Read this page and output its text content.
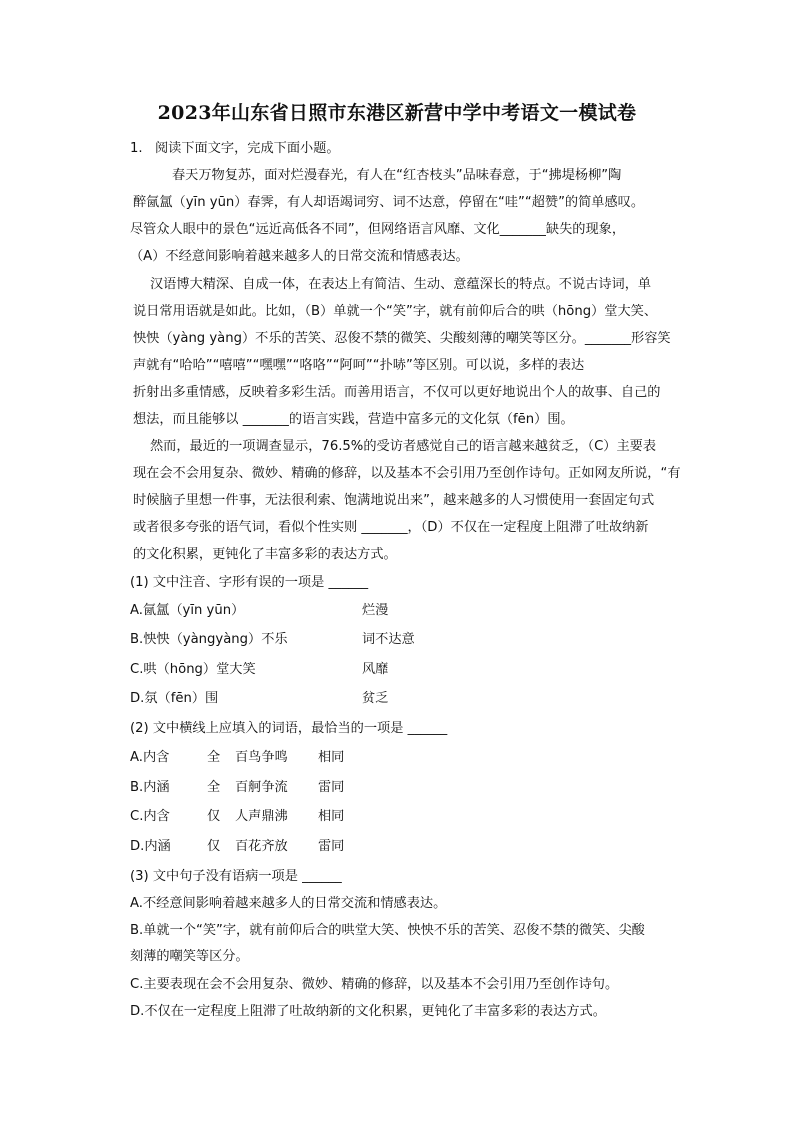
2023年山东省日照市东港区新营中学中考语文一模试卷
1. 阅读下面文字，完成下面小题。
春天万物复苏，面对烂漫春光，有人在“红杏枝头”品味春意，于“拂堤杨柳”陶
醉氤氲（yīn yūn）春霁，有人却语竭词穷、词不达意，停留在“哇”“超赞”的简单感叹。
尽管众人眼中的景色“远近高低各不同”，但网络语言风靡、文化_______缺失的现象，
（A）不经意间影响着越来越多人的日常交流和情感表达。
汉语博大精深、自成一体，在表达上有简洁、生动、意蕴深长的特点。不说古诗词，单
说日常用语就是如此。比如，（B）单就一个“笑”字，就有前仰后合的哄（hōng）堂大笑、
怏怏（yàng yàng）不乐的苦笑、忍俊不禁的微笑、尖酸刻薄的嘲笑等区分。_______形容笑
声就有“哈哈”“嘻嘻”“嘿嘿”“咯咯”“阿呵”“扑哧”等区别。可以说，多样的表达
折射出多重情感，反映着多彩生活。而善用语言，不仅可以更好地说出个人的故事、自己的
想法，而且能够以 _______的语言实践，营造中富多元的文化氛（fēn）围。
然而，最近的一项调查显示，76.5%的受访者感觉自己的语言越来越贫乏，（C）主要表
现在会不会用复杂、微妙、精确的修辞，以及基本不会引用乃至创作诗句。正如网友所说，“有
时候脑子里想一件事，无法很利索、饱满地说出来”，越来越多的人习惯使用一套固定句式
或者很多夸张的语气词，看似个性实则 _______，（D）不仅在一定程度上阻滞了吐故纳新
的文化积累，更钝化了丰富多彩的表达方式。
(1) 文中注音、字形有误的一项是 ______
A.氤氲（yīn yūn）	烂漫
B.怏怏（yàngyàng）不乐	词不达意
C.哄（hōng）堂大笑	风靡
D.氛（fēn）围	贫乏
(2) 文中横线上应填入的词语，最恰当的一项是 ______
A.内含	全 百鸟争鸣 相同
B.内涵	全 百舸争流 雷同
C.内含	仅 人声鼎沸 相同
D.内涵	仅 百花齐放 雷同
(3) 文中句子没有语病一项是 ______
A.不经意间影响着越来越多人的日常交流和情感表达。
B.单就一个“笑”字，就有前仰后合的哄堂大笑、怏怏不乐的苦笑、忍俊不禁的微笑、尖酸
刻薄的嘲笑等区分。
C.主要表现在会不会用复杂、微妙、精确的修辞，以及基本不会引用乃至创作诗句。
D.不仅在一定程度上阻滞了吐故纳新的文化积累，更钝化了丰富多彩的表达方式。
